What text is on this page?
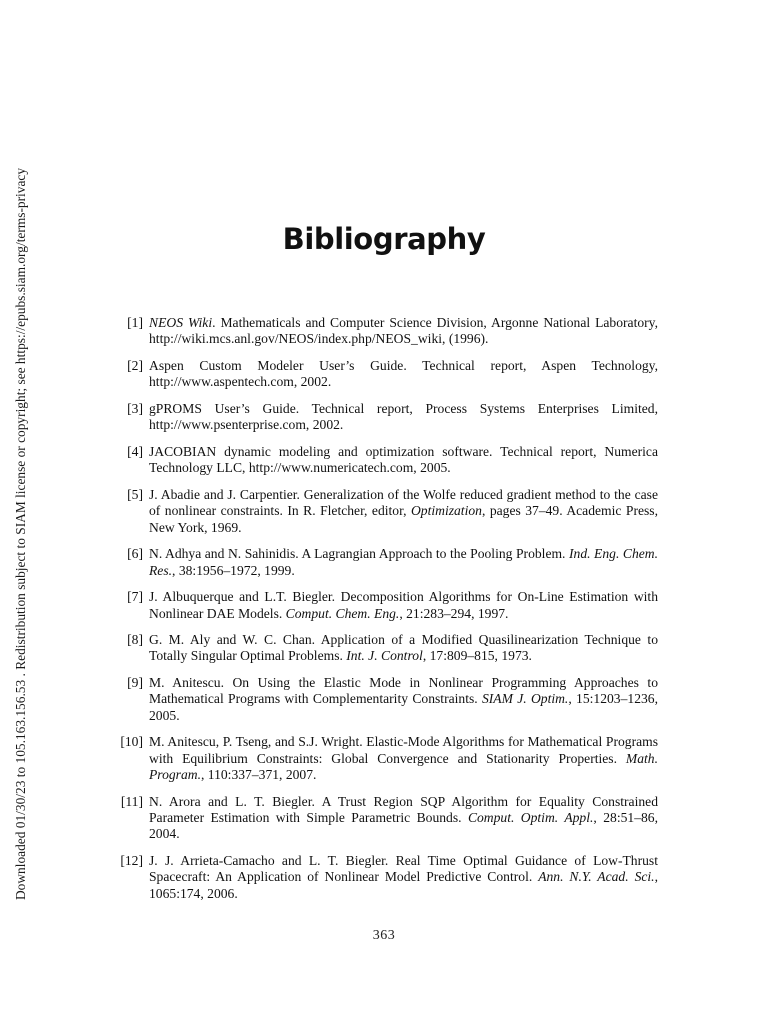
Downloaded 01/30/23 to 105.163.156.53 . Redistribution subject to SIAM license or copyright; see https://epubs.siam.org/terms-privacy	Bibliography
[1] NEOS Wiki. Mathematicals and Computer Science Division, Argonne National Laboratory, http://wiki.mcs.anl.gov/NEOS/index.php/NEOS_wiki, (1996).
[2] Aspen Custom Modeler User’s Guide. Technical report, Aspen Technology, http://www.aspentech.com, 2002.
[3] gPROMS User’s Guide. Technical report, Process Systems Enterprises Limited, http://www.psenterprise.com, 2002.
[4] JACOBIAN dynamic modeling and optimization software. Technical report, Numerica Technology LLC, http://www.numericatech.com, 2005.
[5] J. Abadie and J. Carpentier. Generalization of the Wolfe reduced gradient method to the case of nonlinear constraints. In R. Fletcher, editor, Optimization, pages 37–49. Academic Press, New York, 1969.
[6] N. Adhya and N. Sahinidis. A Lagrangian Approach to the Pooling Problem. Ind. Eng. Chem. Res., 38:1956–1972, 1999.
[7] J. Albuquerque and L.T. Biegler. Decomposition Algorithms for On-Line Estimation with Nonlinear DAE Models. Comput. Chem. Eng., 21:283–294, 1997.
[8] G. M. Aly and W. C. Chan. Application of a Modified Quasilinearization Technique to Totally Singular Optimal Problems. Int. J. Control, 17:809–815, 1973.
[9] M. Anitescu. On Using the Elastic Mode in Nonlinear Programming Approaches to Mathematical Programs with Complementarity Constraints. SIAM J. Optim., 15:1203–1236, 2005.
[10] M. Anitescu, P. Tseng, and S.J. Wright. Elastic-Mode Algorithms for Mathematical Programs with Equilibrium Constraints: Global Convergence and Stationarity Properties. Math. Program., 110:337–371, 2007.
[11] N. Arora and L. T. Biegler. A Trust Region SQP Algorithm for Equality Constrained Parameter Estimation with Simple Parametric Bounds. Comput. Optim. Appl., 28:51–86, 2004.
[12] J. J. Arrieta-Camacho and L. T. Biegler. Real Time Optimal Guidance of Low-Thrust Spacecraft: An Application of Nonlinear Model Predictive Control. Ann. N.Y. Acad. Sci., 1065:174, 2006.
363
